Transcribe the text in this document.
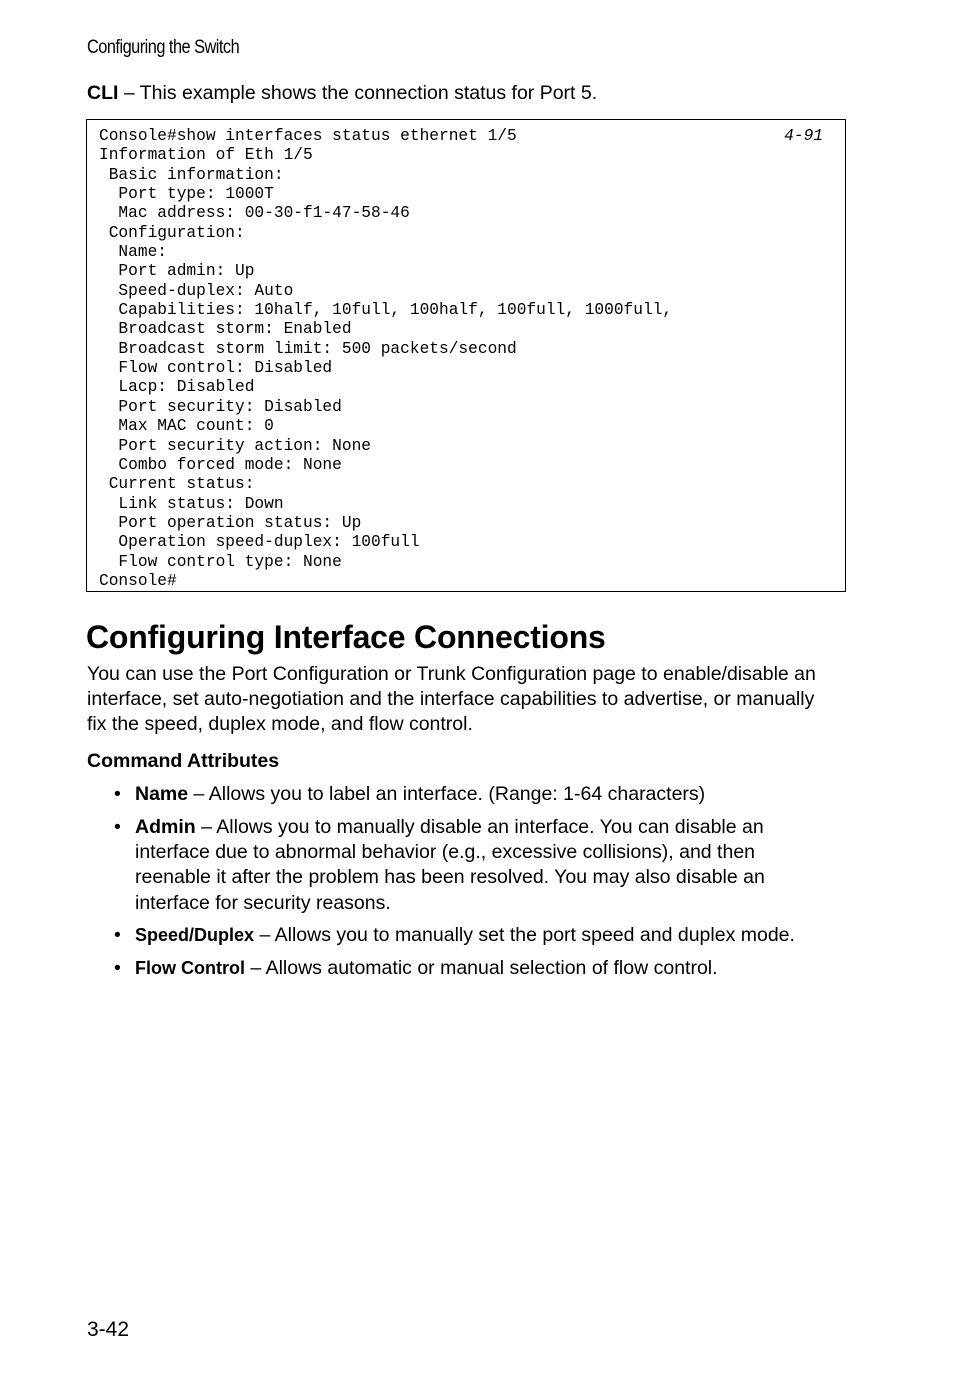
Configuring the Switch
CLI – This example shows the connection status for Port 5.
Console#show interfaces status ethernet 1/5
Information of Eth 1/5
Basic information:
Port type: 1000T
Mac address: 00-30-f1-47-58-46
Configuration:
Name:
Port admin: Up
Speed-duplex: Auto
Capabilities: 10half, 10full, 100half, 100full, 1000full,
Broadcast storm: Enabled
Broadcast storm limit: 500 packets/second
Flow control: Disabled
Lacp: Disabled
Port security: Disabled
Max MAC count: 0
Port security action: None
Combo forced mode: None
Current status:
Link status: Down
Port operation status: Up
Operation speed-duplex: 100full
Flow control type: None
Console#
4-91
Configuring Interface Connections

You can use the Port Configuration or Trunk Configuration page to enable/disable an
interface, set auto-negotiation and the interface capabilities to advertise, or manually
fix the speed, duplex mode, and flow control.

Command Attributes
• Name – Allows you to label an interface. (Range: 1-64 characters)
• Admin – Allows you to manually disable an interface. You can disable an
interface due to abnormal behavior (e.g., excessive collisions), and then
reenable it after the problem has been resolved. You may also disable an
interface for security reasons.
• Speed/Duplex – Allows you to manually set the port speed and duplex mode.
• Flow Control – Allows automatic or manual selection of flow control.
3-42
